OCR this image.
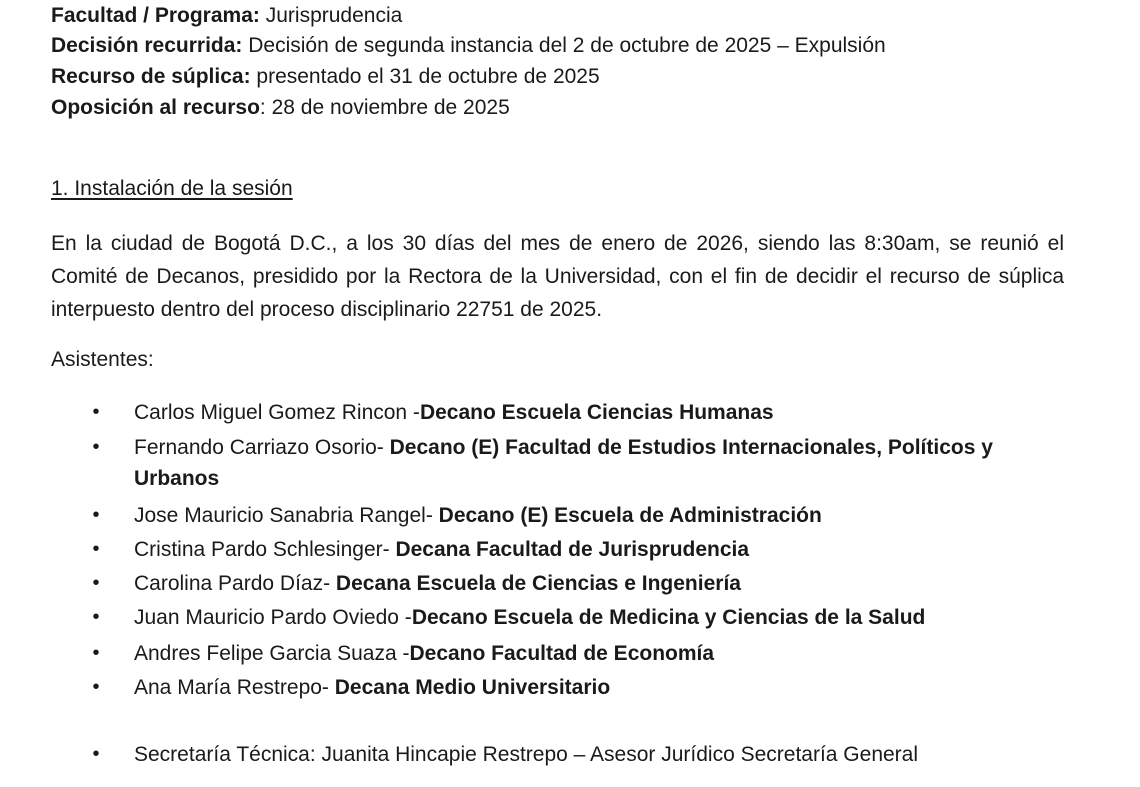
Facultad / Programa: Jurisprudencia
Decisión recurrida: Decisión de segunda instancia del 2 de octubre de 2025 – Expulsión
Recurso de súplica: presentado el 31 de octubre de 2025
Oposición al recurso: 28 de noviembre de 2025
1. Instalación de la sesión
En la ciudad de Bogotá D.C., a los 30 días del mes de enero de 2026, siendo las 8:30am, se reunió el Comité de Decanos, presidido por la Rectora de la Universidad, con el fin de decidir el recurso de súplica interpuesto dentro del proceso disciplinario 22751 de 2025.
Asistentes:
• Carlos Miguel Gomez Rincon -Decano Escuela Ciencias Humanas
• Fernando Carriazo Osorio- Decano (E) Facultad de Estudios Internacionales, Políticos y Urbanos
• Jose Mauricio Sanabria Rangel- Decano (E) Escuela de Administración
• Cristina Pardo Schlesinger- Decana Facultad de Jurisprudencia
• Carolina Pardo Díaz- Decana Escuela de Ciencias e Ingeniería
• Juan Mauricio Pardo Oviedo -Decano Escuela de Medicina y Ciencias de la Salud
• Andres Felipe Garcia Suaza -Decano Facultad de Economía
• Ana María Restrepo- Decana Medio Universitario
• Secretaría Técnica: Juanita Hincapie Restrepo – Asesor Jurídico Secretaría General
